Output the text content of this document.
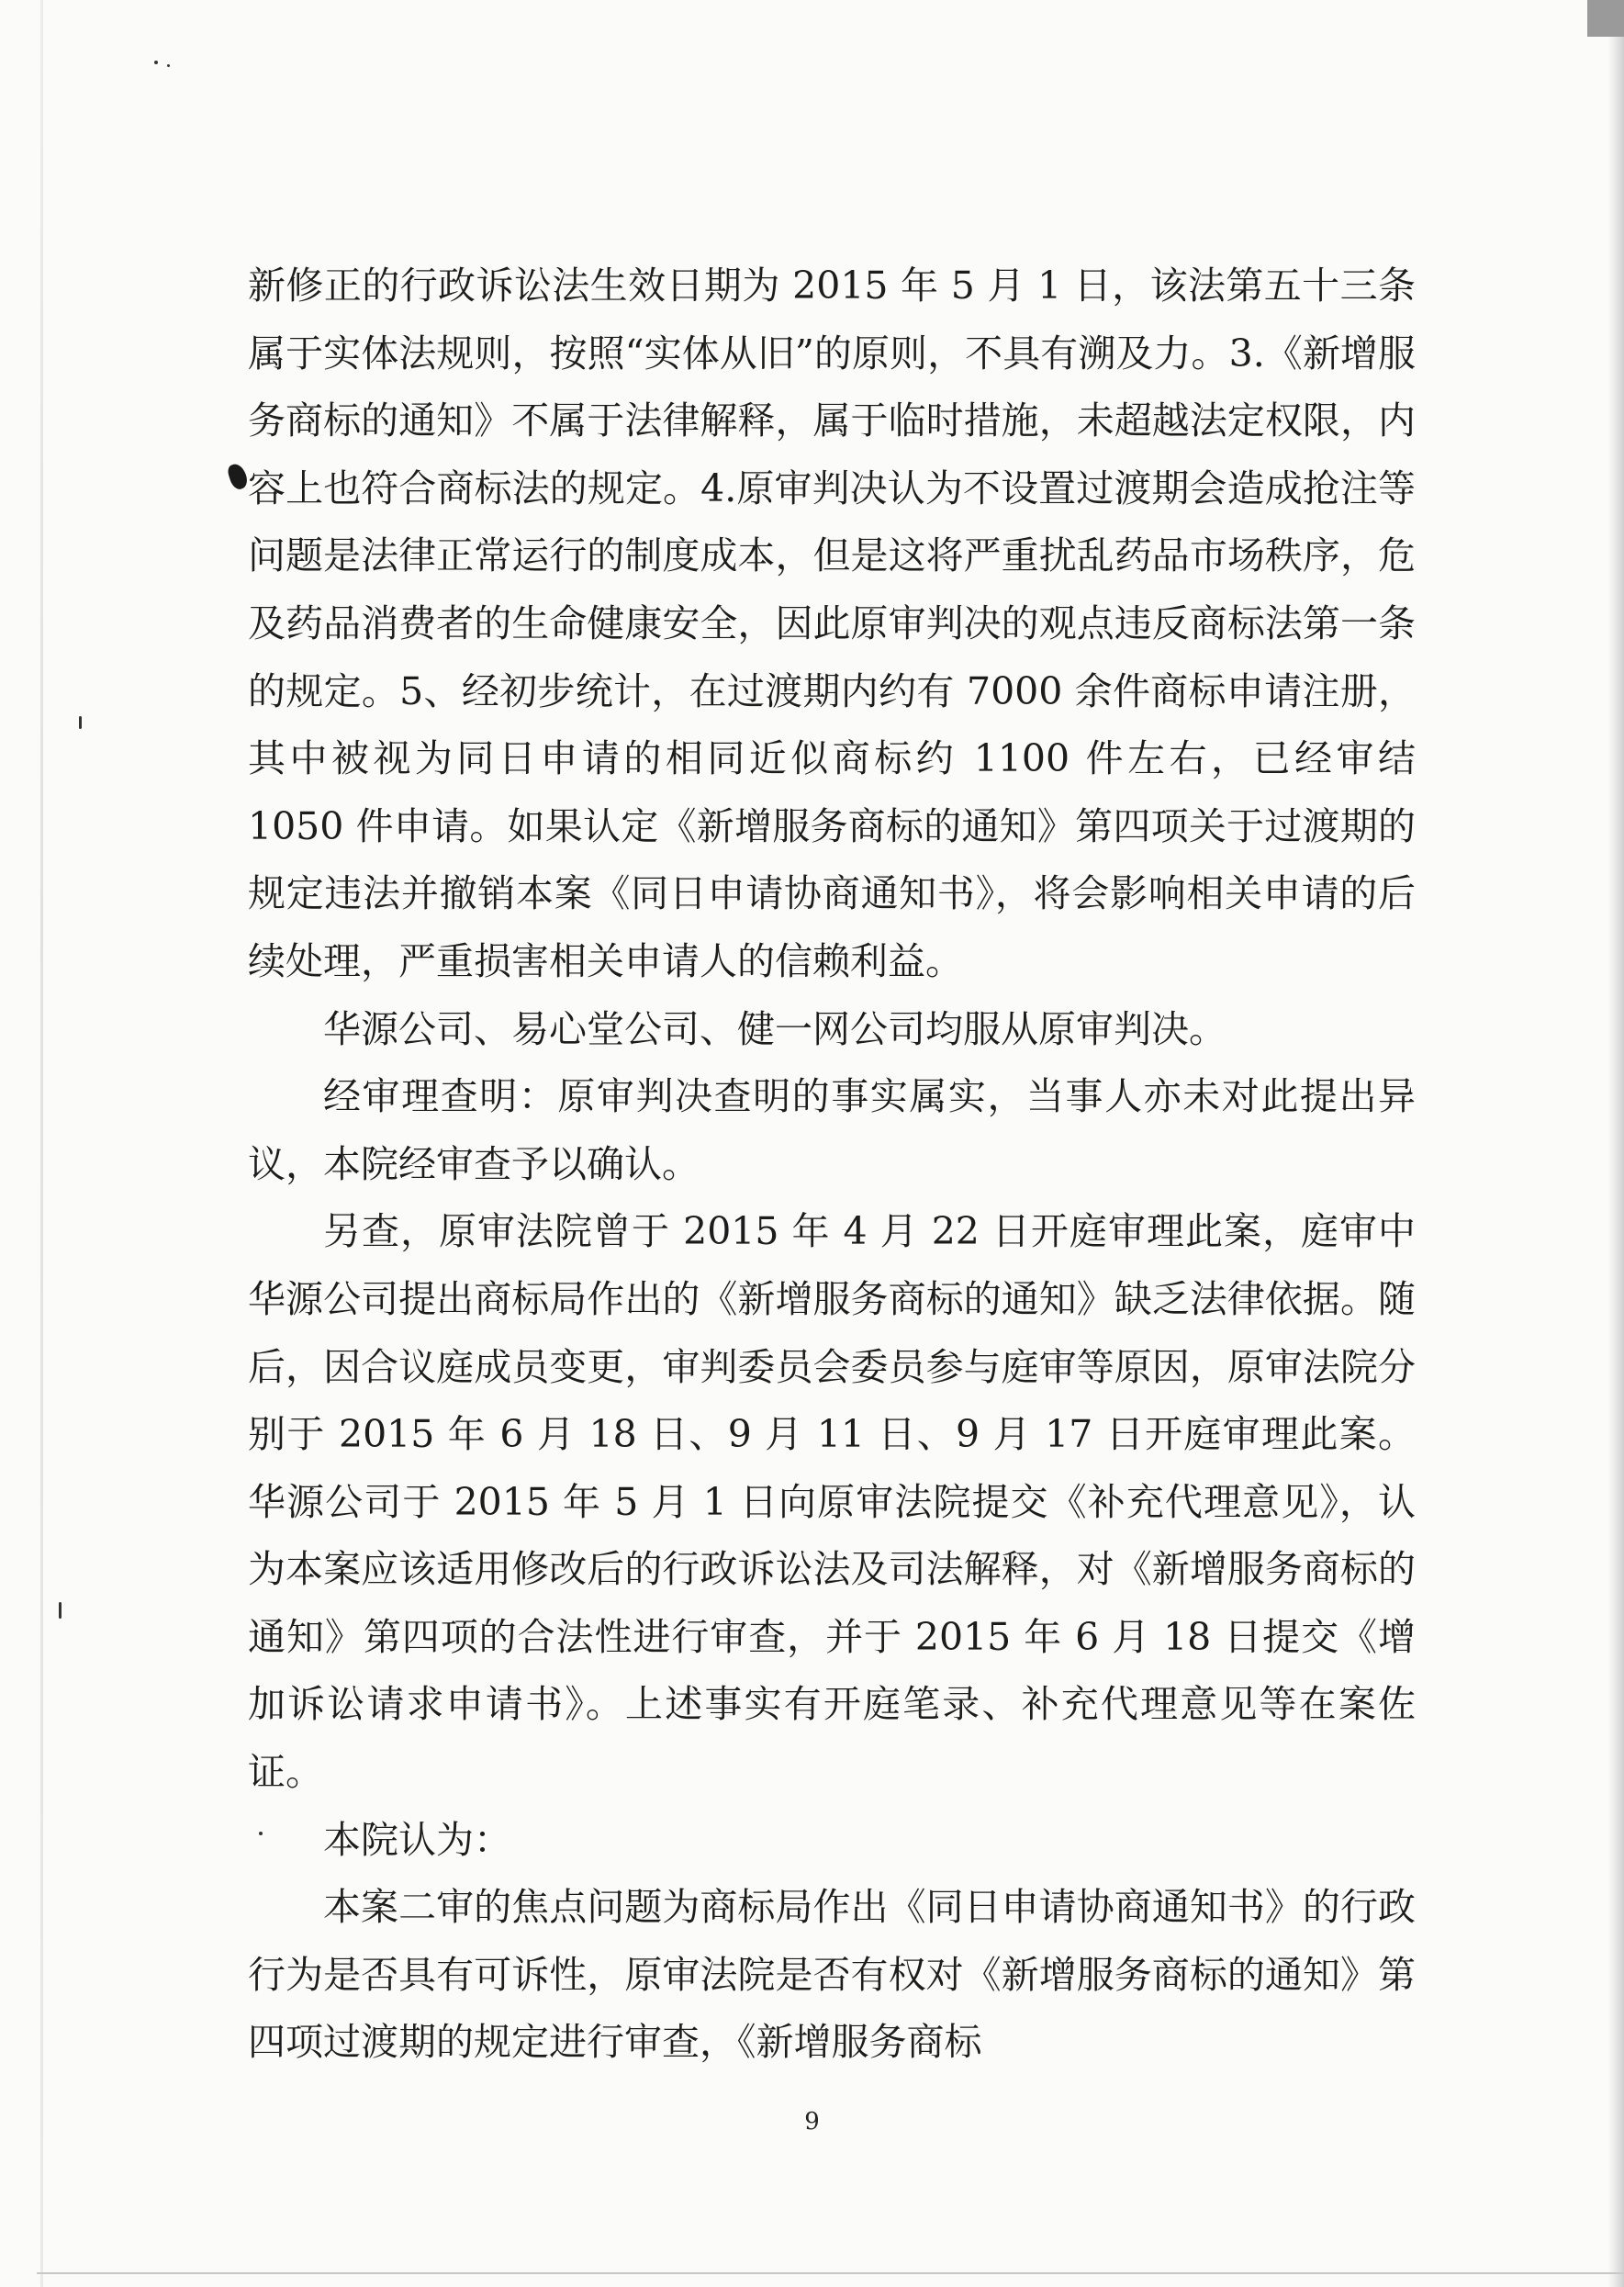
新修正的行政诉讼法生效日期为 2015 年 5 月 1 日，该法第五十三条属于实体法规则，按照“实体从旧”的原则，不具有溯及力。3.《新增服务商标的通知》不属于法律解释，属于临时措施，未超越法定权限，内容上也符合商标法的规定。4.原审判决认为不设置过渡期会造成抢注等问题是法律正常运行的制度成本，但是这将严重扰乱药品市场秩序，危及药品消费者的生命健康安全，因此原审判决的观点违反商标法第一条的规定。5、经初步统计，在过渡期内约有 7000 余件商标申请注册，其中被视为同日申请的相同近似商标约 1100 件左右，已经审结 1050 件申请。如果认定《新增服务商标的通知》第四项关于过渡期的规定违法并撤销本案《同日申请协商通知书》，将会影响相关申请的后续处理，严重损害相关申请人的信赖利益。

华源公司、易心堂公司、健一网公司均服从原审判决。

经审理查明：原审判决查明的事实属实，当事人亦未对此提出异议，本院经审查予以确认。

另查，原审法院曾于 2015 年 4 月 22 日开庭审理此案，庭审中华源公司提出商标局作出的《新增服务商标的通知》缺乏法律依据。随后，因合议庭成员变更，审判委员会委员参与庭审等原因，原审法院分别于 2015 年 6 月 18 日、9 月 11 日、9 月 17 日开庭审理此案。华源公司于 2015 年 5 月 1 日向原审法院提交《补充代理意见》，认为本案应该适用修改后的行政诉讼法及司法解释，对《新增服务商标的通知》第四项的合法性进行审查，并于 2015 年 6 月 18 日提交《增加诉讼请求申请书》。上述事实有开庭笔录、补充代理意见等在案佐证。

本院认为：

本案二审的焦点问题为商标局作出《同日申请协商通知书》的行政行为是否具有可诉性，原审法院是否有权对《新增服务商标的通知》第四项过渡期的规定进行审查，《新增服务商标

9
